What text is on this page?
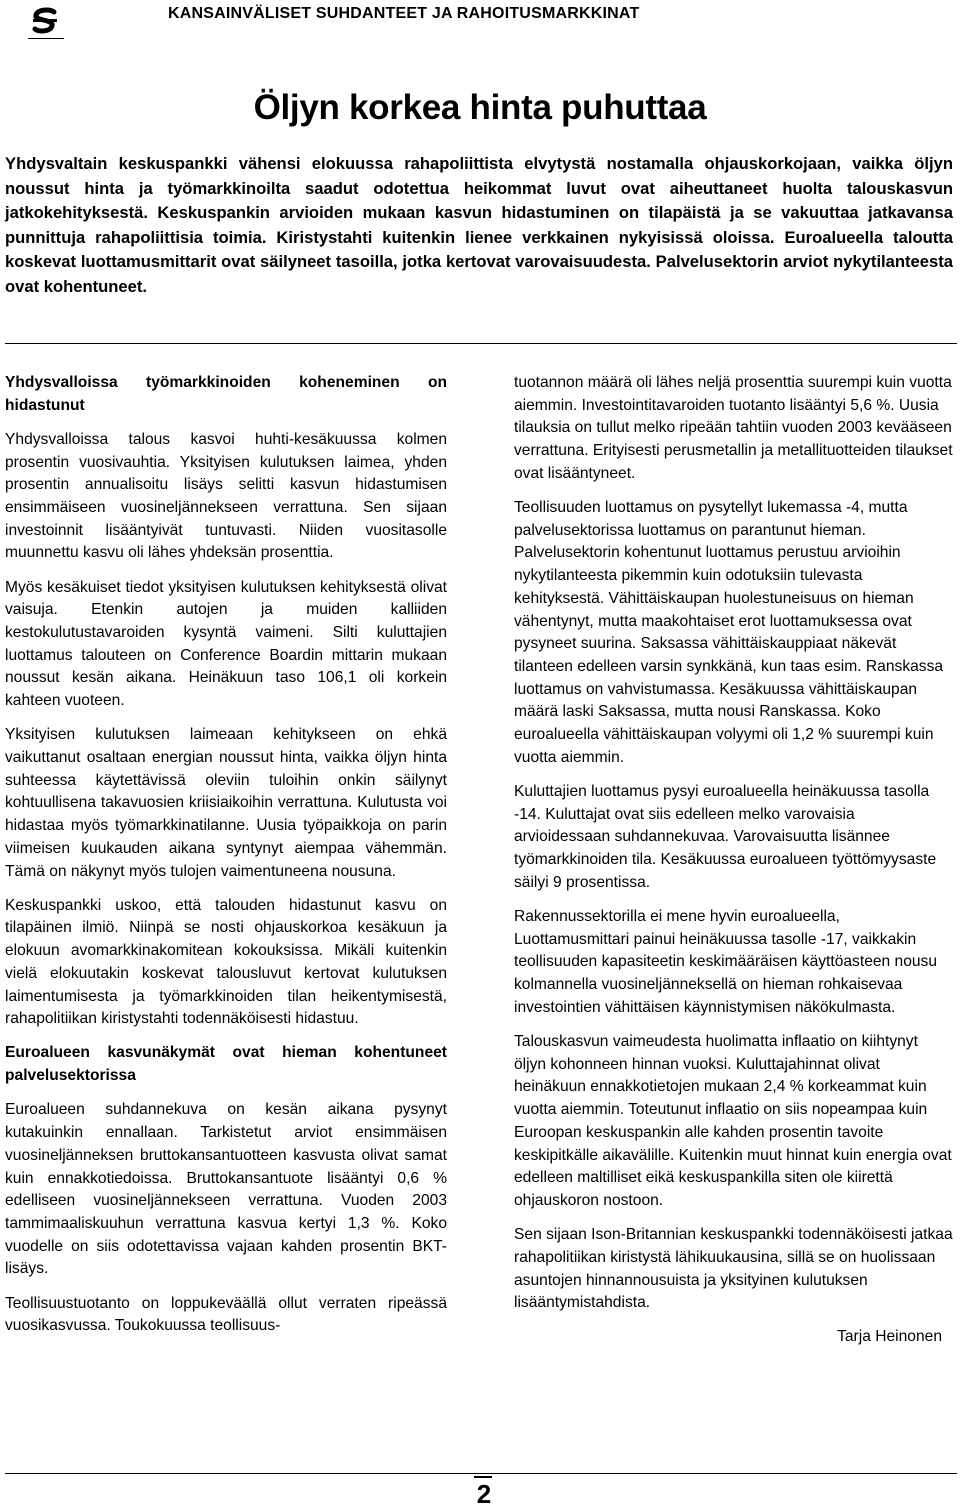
KANSAINVÄLISET SUHDANTEET JA RAHOITUSMARKKINAT
Öljyn korkea hinta puhuttaa
Yhdysvaltain keskuspankki vähensi elokuussa rahapoliittista elvytystä nostamalla ohjauskorkojaan, vaikka öljyn noussut hinta ja työmarkkinoilta saadut odotettua heikommat luvut ovat aiheuttaneet huolta talouskasvun jatkokehityksestä. Keskuspankin arvioiden mukaan kasvun hidastuminen on tilapäistä ja se vakuuttaa jatkavansa punnittuja rahapoliittisia toimia. Kiristystahti kuitenkin lienee verkkainen nykyisissä oloissa. Euroalueella taloutta koskevat luottamusmittarit ovat säilyneet tasoilla, jotka kertovat varovaisuudesta. Palvelusektorin arviot nykytilanteesta ovat kohentuneet.
Yhdysvalloissa työmarkkinoiden koheneminen on hidastunut

Yhdysvalloissa talous kasvoi huhti-kesäkuussa kolmen prosentin vuosivauhtia. Yksityisen kulutuksen laimea, yhden prosentin annualisoitu lisäys selitti kasvun hidastumisen ensimmäiseen vuosineljännekseen verrattuna. Sen sijaan investoinnit lisääntyivät tuntuvasti. Niiden vuositasolle muunnettu kasvu oli lähes yhdeksän prosenttia.

Myös kesäkuiset tiedot yksityisen kulutuksen kehityksestä olivat vaisuja. Etenkin autojen ja muiden kalliiden kestokulutustavaroiden kysyntä vaimeni. Silti kuluttajien luottamus talouteen on Conference Boardin mittarin mukaan noussut kesän aikana. Heinäkuun taso 106,1 oli korkein kahteen vuoteen.

Yksityisen kulutuksen laimeaan kehitykseen on ehkä vaikuttanut osaltaan energian noussut hinta, vaikka öljyn hinta suhteessa käytettävissä oleviin tuloihin onkin säilynyt kohtuullisena takavuosien kriisiaikoihin verrattuna. Kulutusta voi hidastaa myös työmarkkinatilanne. Uusia työpaikkoja on parin viimeisen kuukauden aikana syntynyt aiempaa vähemmän. Tämä on näkynyt myös tulojen vaimentuneena nousuna.

Keskuspankki uskoo, että talouden hidastunut kasvu on tilapäinen ilmiö. Niinpä se nosti ohjauskorkoa kesäkuun ja elokuun avomarkkinakomitean kokouksissa. Mikäli kuitenkin vielä elokuutakin koskevat talousluvut kertovat kulutuksen laimentumisesta ja työmarkkinoiden tilan heikentymisestä, rahapolitiikan kiristystahti todennäköisesti hidastuu.

Euroalueen kasvunäkymät ovat hieman kohentuneet palvelusektorissa

Euroalueen suhdannekuva on kesän aikana pysynyt kutakuinkin ennallaan. Tarkistetut arviot ensimmäisen vuosineljänneksen bruttokansantuotteen kasvusta olivat samat kuin ennakkotiedoissa. Bruttokansantuote lisääntyi 0,6 % edelliseen vuosineljännekseen verrattuna. Vuoden 2003 tammimaaliskuuhun verrattuna kasvua kertyi 1,3 %. Koko vuodelle on siis odotettavissa vajaan kahden prosentin BKT-lisäys.

Teollisuustuotanto on loppukeväällä ollut verraten ripeässä vuosikasvussa. Toukokuussa teollisuus-

tuotannon määrä oli lähes neljä prosenttia suurempi kuin vuotta aiemmin. Investointitavaroiden tuotanto lisääntyi 5,6 %. Uusia tilauksia on tullut melko ripeään tahtiin vuoden 2003 kevääseen verrattuna. Erityisesti perusmetallin ja metallituotteiden tilaukset ovat lisääntyneet.

Teollisuuden luottamus on pysytellyt lukemassa -4, mutta palvelusektorissa luottamus on parantunut hieman. Palvelusektorin kohentunut luottamus perustuu arvioihin nykytilanteesta pikemmin kuin odotuksiin tulevasta kehityksestä. Vähittäiskaupan huolestuneisuus on hieman vähentynyt, mutta maakohtaiset erot luottamuksessa ovat pysyneet suurina. Saksassa vähittäiskauppiaat näkevät tilanteen edelleen varsin synkkänä, kun taas esim. Ranskassa luottamus on vahvistumassa. Kesäkuussa vähittäiskaupan määrä laski Saksassa, mutta nousi Ranskassa. Koko euroalueella vähittäiskaupan volyymi oli 1,2 % suurempi kuin vuotta aiemmin.

Kuluttajien luottamus pysyi euroalueella heinäkuussa tasolla -14. Kuluttajat ovat siis edelleen melko varovaisia arvioidessaan suhdannekuvaa. Varovaisuutta lisännee työmarkkinoiden tila. Kesäkuussa euroalueen työttömyysaste säilyi 9 prosentissa.

Rakennussektorilla ei mene hyvin euroalueella, Luottamusmittari painui heinäkuussa tasolle -17, vaikkakin teollisuuden kapasiteetin keskimääräisen käyttöasteen nousu kolmannella vuosineljänneksellä on hieman rohkaisevaa investointien vähittäisen käynnistymisen näkökulmasta.

Talouskasvun vaimeudesta huolimatta inflaatio on kiihtynyt öljyn kohonneen hinnan vuoksi. Kuluttajahinnat olivat heinäkuun ennakkotietojen mukaan 2,4 % korkeammat kuin vuotta aiemmin. Toteutunut inflaatio on siis nopeampaa kuin Euroopan keskuspankin alle kahden prosentin tavoite keskipitkälle aikavälille. Kuitenkin muut hinnat kuin energia ovat edelleen maltilliset eikä keskuspankilla siten ole kiirettä ohjauskoron nostoon.

Sen sijaan Ison-Britannian keskuspankki todennäköisesti jatkaa rahapolitiikan kiristystä lähikuukausina, sillä se on huolissaan asuntojen hinnannousuista ja yksityinen kulutuksen lisääntymistahdista.

Tarja Heinonen

2
